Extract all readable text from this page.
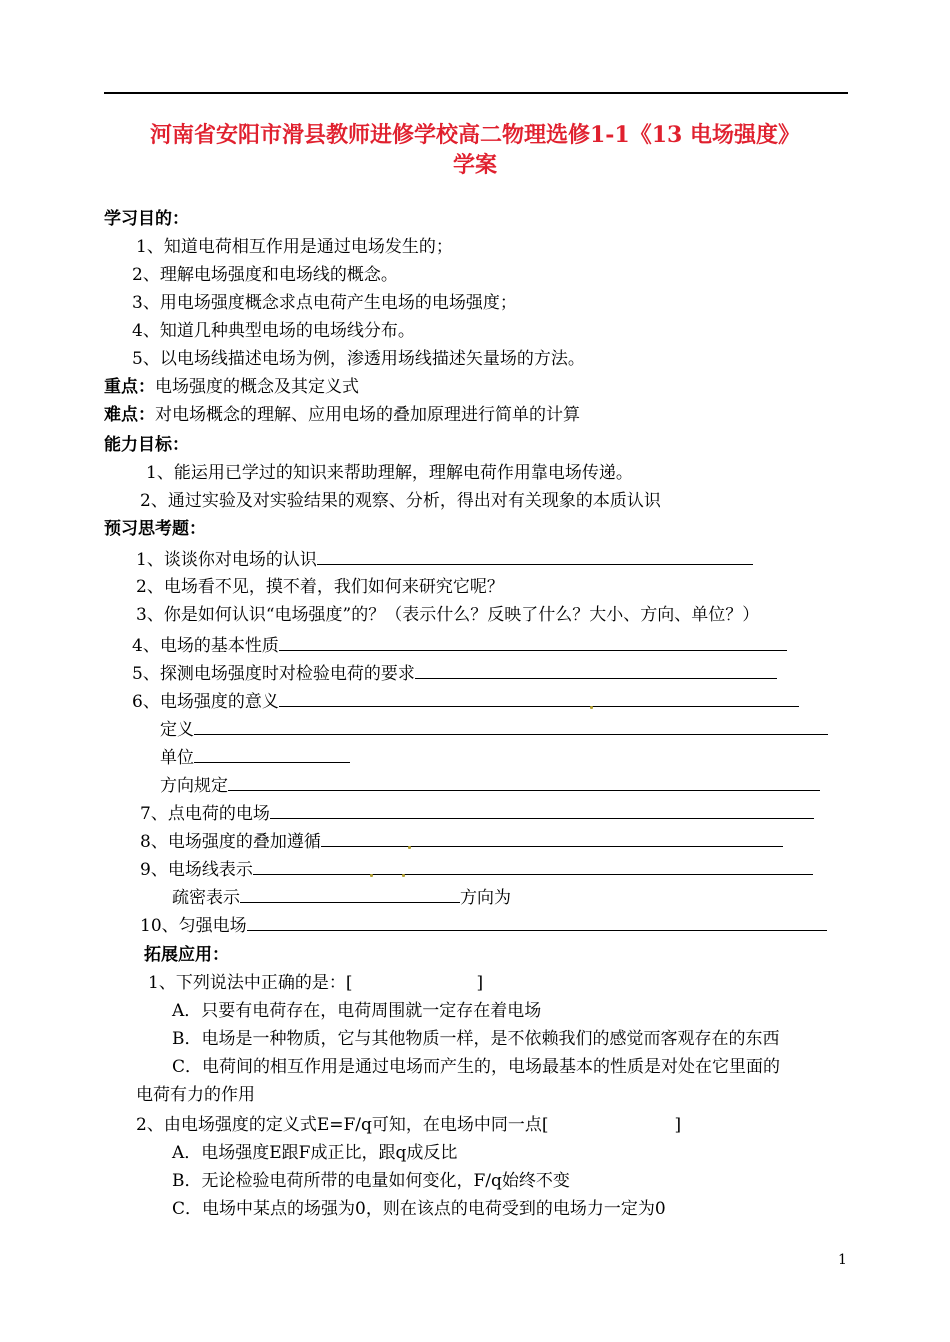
河南省安阳市滑县教师进修学校高二物理选修1-1《13 电场强度》
学案
学习目的：
1、知道电荷相互作用是通过电场发生的；
2、理解电场强度和电场线的概念。
3、用电场强度概念求点电荷产生电场的电场强度；
4、知道几种典型电场的电场线分布。
5、以电场线描述电场为例，渗透用场线描述矢量场的方法。
重点：电场强度的概念及其定义式
难点：对电场概念的理解、应用电场的叠加原理进行简单的计算
能力目标：
1、能运用已学过的知识来帮助理解，理解电荷作用靠电场传递。
2、通过实验及对实验结果的观察、分析，得出对有关现象的本质认识
预习思考题：
1、谈谈你对电场的认识
2、电场看不见，摸不着，我们如何来研究它呢？
3、你是如何认识“电场强度”的？（表示什么？反映了什么？大小、方向、单位？）
4、电场的基本性质
5、探测电场强度时对检验电荷的要求
6、电场强度的意义
定义
单位
方向规定
7、点电荷的电场
8、电场强度的叠加遵循
9、电场线表示
疏密表示	方向为
10、匀强电场
拓展应用：
1、下列说法中正确的是：[	]
A．只要有电荷存在，电荷周围就一定存在着电场
B．电场是一种物质，它与其他物质一样，是不依赖我们的感觉而客观存在的东西
C．电荷间的相互作用是通过电场而产生的，电场最基本的性质是对处在它里面的
电荷有力的作用
2、由电场强度的定义式E=F/q可知，在电场中同一点[	]
A．电场强度E跟F成正比，跟q成反比
B．无论检验电荷所带的电量如何变化，F/q始终不变
C．电场中某点的场强为0，则在该点的电荷受到的电场力一定为0
1
